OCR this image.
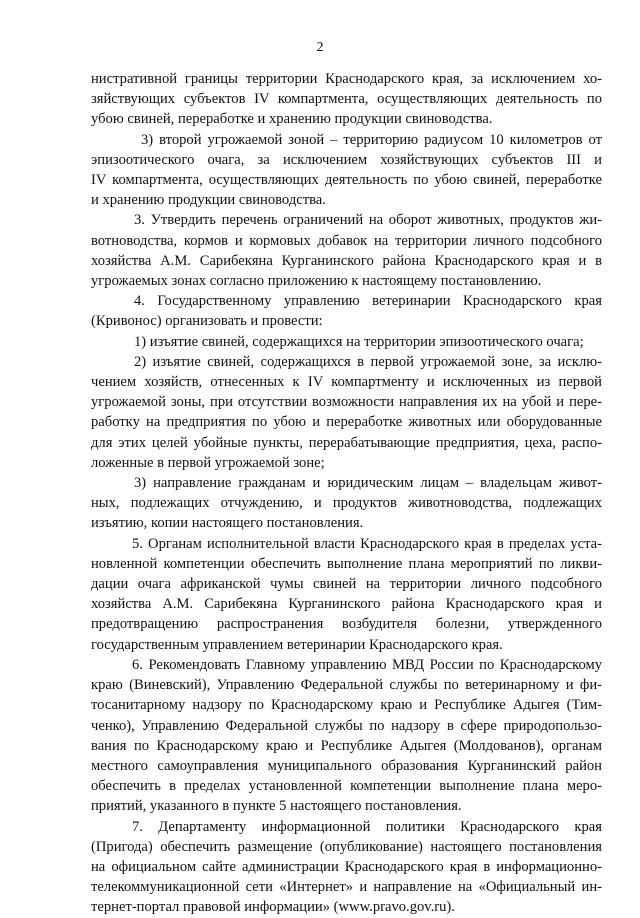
2
нистративной границы территории Краснодарского края, за исключением хо-
зяйствующих субъектов IV компартмента, осуществляющих деятельность по
убою свиней, переработке и хранению продукции свиноводства.
3) второй угрожаемой зоной – территорию радиусом 10 километров от
эпизоотического очага, за исключением хозяйствующих субъектов III и
IV компартмента, осуществляющих деятельность по убою свиней, переработке
и хранению продукции свиноводства.
3. Утвердить перечень ограничений на оборот животных, продуктов жи-
вотноводства, кормов и кормовых добавок на территории личного подсобного
хозяйства А.М. Сарибекяна Курганинского района Краснодарского края и в
угрожаемых зонах согласно приложению к настоящему постановлению.
4. Государственному управлению ветеринарии Краснодарского края
(Кривонос) организовать и провести:
1) изъятие свиней, содержащихся на территории эпизоотического очага;
2) изъятие свиней, содержащихся в первой угрожаемой зоне, за исклю-
чением хозяйств, отнесенных к IV компартменту и исключенных из первой
угрожаемой зоны, при отсутствии возможности направления их на убой и пере-
работку на предприятия по убою и переработке животных или оборудованные
для этих целей убойные пункты, перерабатывающие предприятия, цеха, распо-
ложенные в первой угрожаемой зоне;
3) направление гражданам и юридическим лицам – владельцам живот-
ных, подлежащих отчуждению, и продуктов животноводства, подлежащих
изъятию, копии настоящего постановления.
5. Органам исполнительной власти Краснодарского края в пределах уста-
новленной компетенции обеспечить выполнение плана мероприятий по ликви-
дации очага африканской чумы свиней на территории личного подсобного
хозяйства А.М. Сарибекяна Курганинского района Краснодарского края и
предотвращению распространения возбудителя болезни, утвержденного
государственным управлением ветеринарии Краснодарского края.
6. Рекомендовать Главному управлению МВД России по Краснодарскому
краю (Виневский), Управлению Федеральной службы по ветеринарному и фи-
тосанитарному надзору по Краснодарскому краю и Республике Адыгея (Тим-
ченко), Управлению Федеральной службы по надзору в сфере природопользо-
вания по Краснодарскому краю и Республике Адыгея (Молдованов), органам
местного самоуправления муниципального образования Курганинский район
обеспечить в пределах установленной компетенции выполнение плана меро-
приятий, указанного в пункте 5 настоящего постановления.
7. Департаменту информационной политики Краснодарского края
(Пригода) обеспечить размещение (опубликование) настоящего постановления
на официальном сайте администрации Краснодарского края в информационно-
телекоммуникационной сети «Интернет» и направление на «Официальный ин-
тернет-портал правовой информации» (www.pravo.gov.ru).
